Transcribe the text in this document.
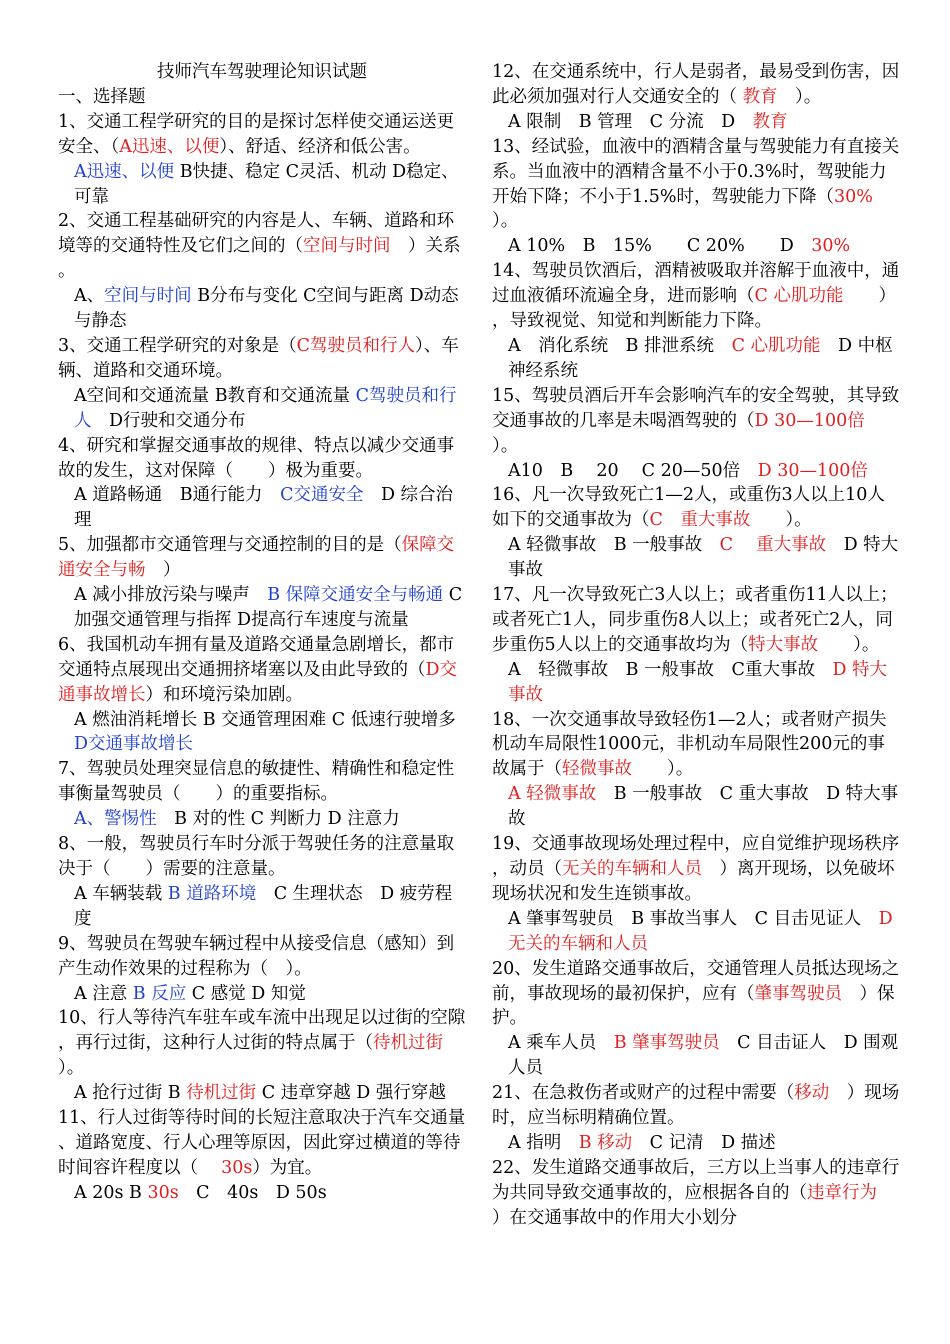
技师汽车驾驶理论知识试题
一、选择题
1、交通工程学研究的目的是探讨怎样使交通运送更安全、（A迅速、以便）、舒适、经济和低公害。
A迅速、以便 B快捷、稳定 C灵活、机动 D稳定、可靠
2、交通工程基础研究的内容是人、车辆、道路和环境等的交通特性及它们之间的（空间与时间　）关系。
A、空间与时间 B分布与变化 C空间与距离 D动态与静态
3、交通工程学研究的对象是（C驾驶员和行人）、车辆、道路和交通环境。
A空间和交通流量 B教育和交通流量 C驾驶员和行人　D行驶和交通分布
4、研究和掌握交通事故的规律、特点以减少交通事故的发生，这对保障（　　）极为重要。
A 道路畅通　B通行能力　C交通安全　D 综合治理
5、加强都市交通管理与交通控制的目的是（保障交通安全与畅　）
A 减小排放污染与噪声　B 保障交通安全与畅通 C加强交通管理与指挥 D提高行车速度与流量
6、我国机动车拥有量及道路交通量急剧增长，都市交通特点展现出交通拥挤堵塞以及由此导致的（D交通事故增长）和环境污染加剧。
A 燃油消耗增长 B 交通管理困难 C 低速行驶增多　D交通事故增长
7、驾驶员处理突显信息的敏捷性、精确性和稳定性事衡量驾驶员（　　）的重要指标。
A、警惕性　B 对的性 C 判断力 D 注意力
8、一般，驾驶员行车时分派于驾驶任务的注意量取决于（　　）需要的注意量。
A 车辆装载 B 道路环境　C 生理状态　D 疲劳程度
9、驾驶员在驾驶车辆过程中从接受信息（感知）到产生动作效果的过程称为（　）。
A 注意 B 反应 C 感觉 D 知觉
10、行人等待汽车驻车或车流中出现足以过街的空隙，再行过街，这种行人过街的特点属于（待机过街　）。
A 抢行过街 B 待机过街 C 违章穿越 D 强行穿越
11、行人过街等待时间的长短注意取决于汽车交通量、道路宽度、行人心理等原因，因此穿过横道的等待时间容许程度以（　 30s）为宜。
A 20s B 30s　C　40s　D 50s
12、在交通系统中，行人是弱者，最易受到伤害，因此必须加强对行人交通安全的（ 教育　）。
A 限制　B 管理　C 分流　D　教育
13、经试验，血液中的酒精含量与驾驶能力有直接关系。当血液中的酒精含量不小于0.3%时，驾驶能力开始下降；不小于1.5%时，驾驶能力下降（30%　　）。
A 10%　B　15%　　C 20%　　D　30%
14、驾驶员饮酒后，酒精被吸取并溶解于血液中，通过血液循环流遍全身，进而影响（C 心肌功能　　），导致视觉、知觉和判断能力下降。
A　消化系统　B 排泄系统　C 心肌功能　D 中枢神经系统
15、驾驶员酒后开车会影响汽车的安全驾驶，其导致交通事故的几率是未喝酒驾驶的（D 30—100倍　　）。
A10　B　 20　 C 20—50倍　D 30—100倍
16、凡一次导致死亡1—2人，或重伤3人以上10人如下的交通事故为（C　重大事故　　）。
A 轻微事故　B 一般事故　C　 重大事故　D 特大事故
17、凡一次导致死亡3人以上；或者重伤11人以上；或者死亡1人，同步重伤8人以上；或者死亡2人，同步重伤5人以上的交通事故均为（特大事故　　）。
A　轻微事故　B 一般事故　C重大事故　D 特大事故
18、一次交通事故导致轻伤1—2人；或者财产损失机动车局限性1000元，非机动车局限性200元的事故属于（轻微事故　　）。
A 轻微事故　B 一般事故　C 重大事故　D 特大事故
19、交通事故现场处理过程中，应自觉维护现场秩序，动员（无关的车辆和人员　）离开现场，以免破坏现场状况和发生连锁事故。
A 肇事驾驶员　B 事故当事人　C 目击见证人　D 无关的车辆和人员
20、发生道路交通事故后，交通管理人员抵达现场之前，事故现场的最初保护，应有（肇事驾驶员　）保护。
A 乘车人员　B 肇事驾驶员　C 目击证人　D 围观人员
21、在急救伤者或财产的过程中需要（移动　）现场时，应当标明精确位置。
A 指明　B 移动　C 记清　D 描述
22、发生道路交通事故后，三方以上当事人的违章行为共同导致交通事故的，应根据各自的（违章行为　　）在交通事故中的作用大小划分
